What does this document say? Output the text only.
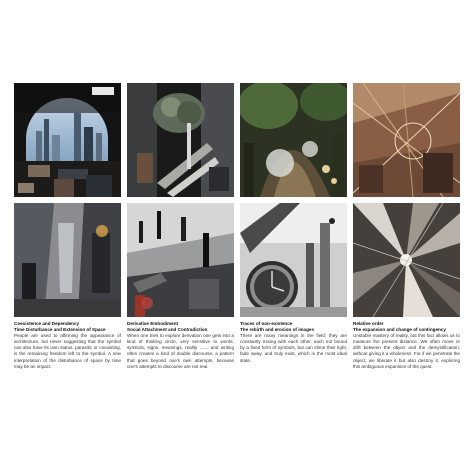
Coexistence and Dependency
Time Disturbance and Extension of Space
People are used to affirming the appearance of architecture, but never suggesting that the symbol can also have its own status, parasitic or coexisting, is the remaining freedom left to the symbol. A new interpretation of the disturbance of space by time may be an impact.
Derivative Embodiment
Social Attachment and Contradiction
When one tries to explore derivation one gets into a kind of thinking circle, very sensitive to words, symbols, signs, meanings, reality ......, and writing often creates a kind of double discourse, a pattern that goes beyond one's own attempts, because one's attempts to discourse are not real.
Traces of non-existence
The rebirth and erosion of images
There are many meanings in the field; they are constantly mixing with each other, each not bound by a fixed form of symbols, but can shine their light, fade away, and truly exist, which is the most ideal state.
Relative order
The expansion and change of contingency
Unstable mastery of reality, but this fact allows us to measure the present distance. We often move or drift between the object and the demystification, without giving it a wholeness. For if we penetrate the object, we liberate it but also destroy it, exploring this ambiguous expansion of the quest.
